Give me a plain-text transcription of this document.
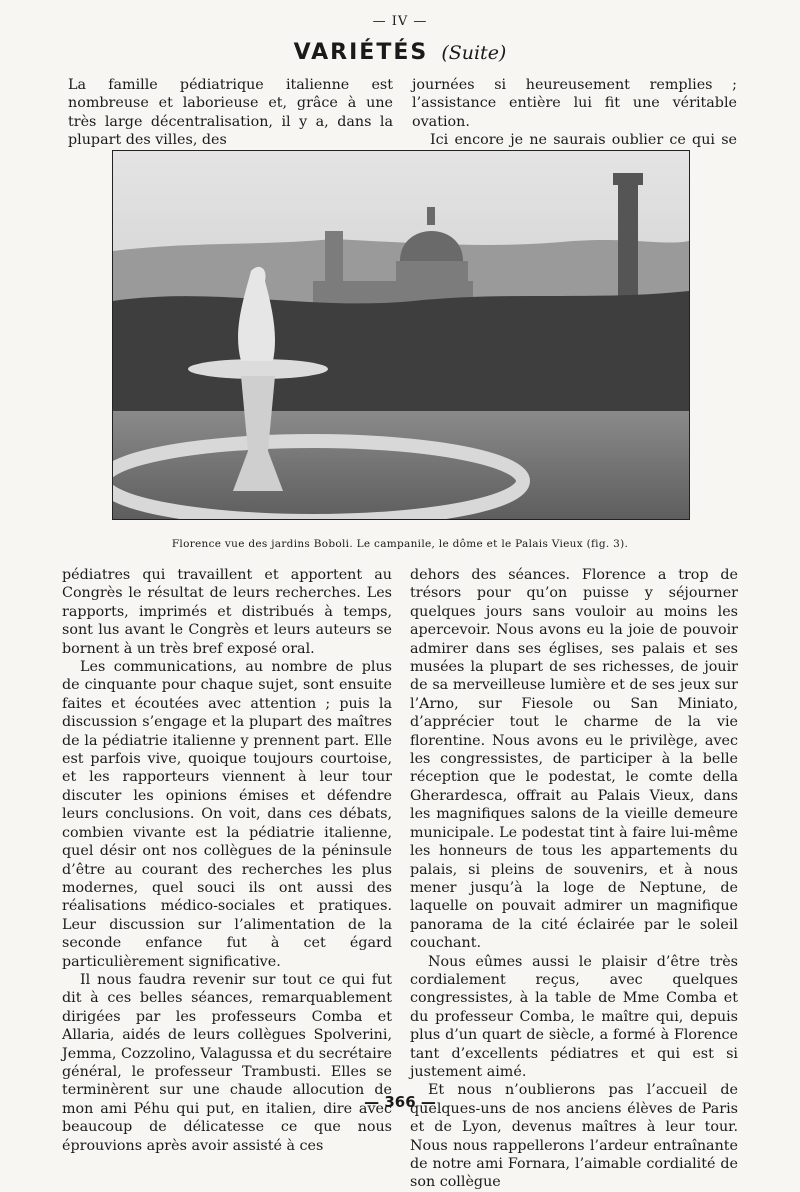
— IV —
VARIÉTÉS (Suite)

La famille pédiatrique italienne est nombreuse et laborieuse et, grâce à une très large décentralisation, il y a, dans la plupart des villes, des

journées si heureusement remplies ; l’assistance entière lui fit une véritable ovation.

Ici encore je ne saurais oublier ce qui se

Florence vue des jardins Boboli. Le campanile, le dôme et le Palais Vieux (fig. 3).

pédiatres qui travaillent et apportent au Congrès le résultat de leurs recherches. Les rapports, imprimés et distribués à temps, sont lus avant le Congrès et leurs auteurs se bornent à un très bref exposé oral.

Les communications, au nombre de plus de cinquante pour chaque sujet, sont ensuite faites et écoutées avec attention ; puis la discussion s’engage et la plupart des maîtres de la pédiatrie italienne y prennent part. Elle est parfois vive, quoique toujours courtoise, et les rapporteurs viennent à leur tour discuter les opinions émises et défendre leurs conclusions. On voit, dans ces débats, combien vivante est la pédiatrie italienne, quel désir ont nos collègues de la péninsule d’être au courant des recherches les plus modernes, quel souci ils ont aussi des réalisations médico-sociales et pratiques. Leur discussion sur l’alimentation de la seconde enfance fut à cet égard particulièrement significative.

Il nous faudra revenir sur tout ce qui fut dit à ces belles séances, remarquablement dirigées par les professeurs Comba et Allaria, aidés de leurs collègues Spolverini, Jemma, Cozzolino, Valagussa et du secrétaire général, le professeur Trambusti. Elles se terminèrent sur une chaude allocution de mon ami Péhu qui put, en italien, dire avec beaucoup de délicatesse ce que nous éprouvions après avoir assisté à ces

dehors des séances. Florence a trop de trésors pour qu’on puisse y séjourner quelques jours sans vouloir au moins les apercevoir. Nous avons eu la joie de pouvoir admirer dans ses églises, ses palais et ses musées la plupart de ses richesses, de jouir de sa merveilleuse lumière et de ses jeux sur l’Arno, sur Fiesole ou San Miniato, d’apprécier tout le charme de la vie florentine. Nous avons eu le privilège, avec les congressistes, de participer à la belle réception que le podestat, le comte della Gherardesca, offrait au Palais Vieux, dans les magnifiques salons de la vieille demeure municipale. Le podestat tint à faire lui-même les honneurs de tous les appartements du palais, si pleins de souvenirs, et à nous mener jusqu’à la loge de Neptune, de laquelle on pouvait admirer un magnifique panorama de la cité éclairée par le soleil couchant.

Nous eûmes aussi le plaisir d’être très cordialement reçus, avec quelques congressistes, à la table de Mme Comba et du professeur Comba, le maître qui, depuis plus d’un quart de siècle, a formé à Florence tant d’excellents pédiatres et qui est si justement aimé.

Et nous n’oublierons pas l’accueil de quelques-uns de nos anciens élèves de Paris et de Lyon, devenus maîtres à leur tour. Nous nous rappellerons l’ardeur entraînante de notre ami Fornara, l’aimable cordialité de son collègue

— 366 —
